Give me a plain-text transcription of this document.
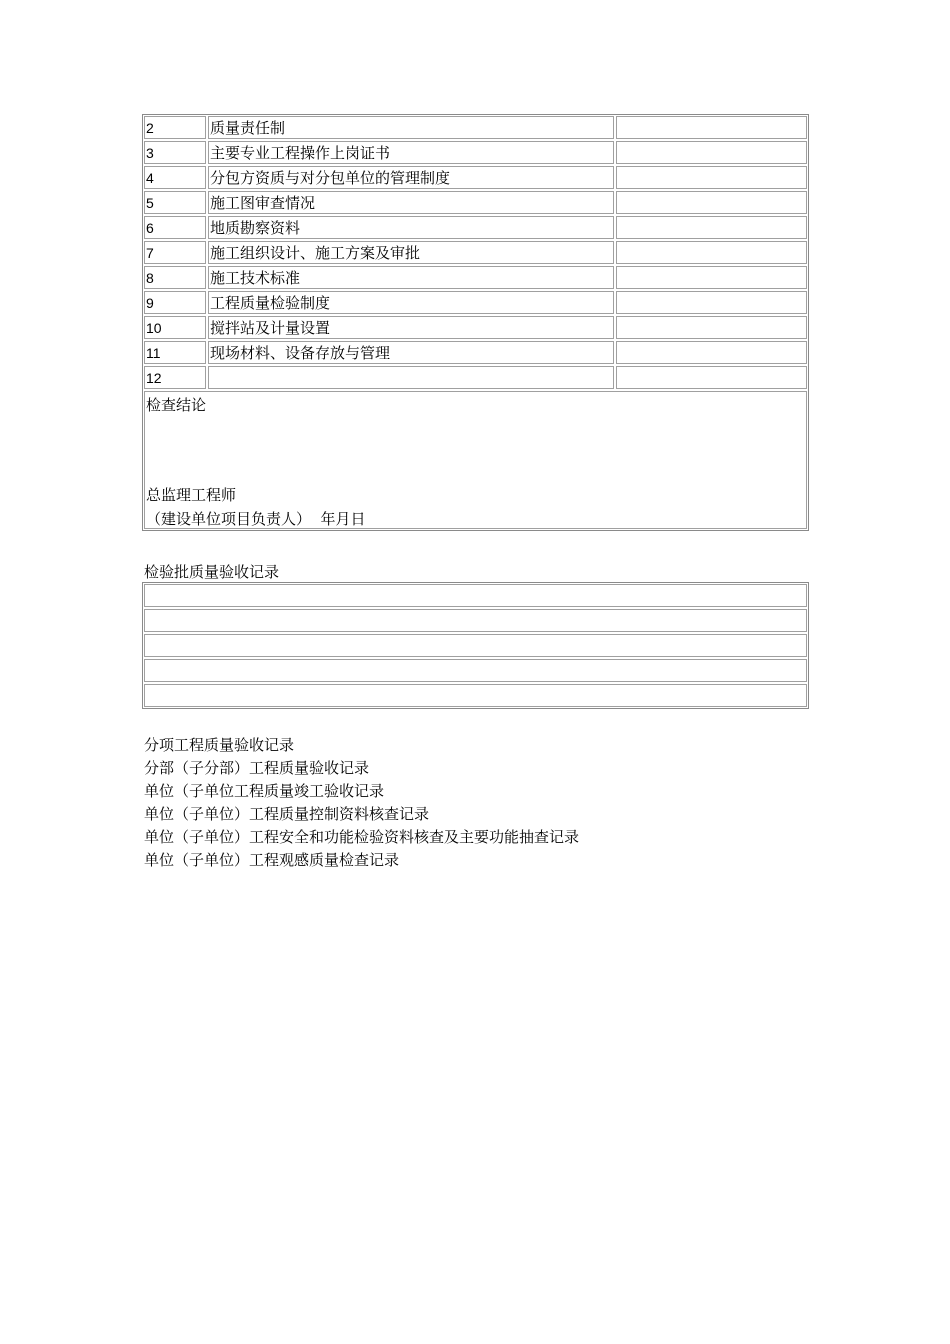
2	质量责任制
3	主要专业工程操作上岗证书
4	分包方资质与对分包单位的管理制度
5	施工图审查情况
6	地质勘察资料
7	施工组织设计、施工方案及审批
8	施工技术标准
9	工程质量检验制度
10	搅拌站及计量设置
11	现场材料、设备存放与管理
12
检查结论
总监理工程师
（建设单位项目负责人）  年月日
检验批质量验收记录
分项工程质量验收记录
分部（子分部）工程质量验收记录
单位（子单位工程质量竣工验收记录
单位（子单位）工程质量控制资料核查记录
单位（子单位）工程安全和功能检验资料核查及主要功能抽查记录
单位（子单位）工程观感质量检查记录
